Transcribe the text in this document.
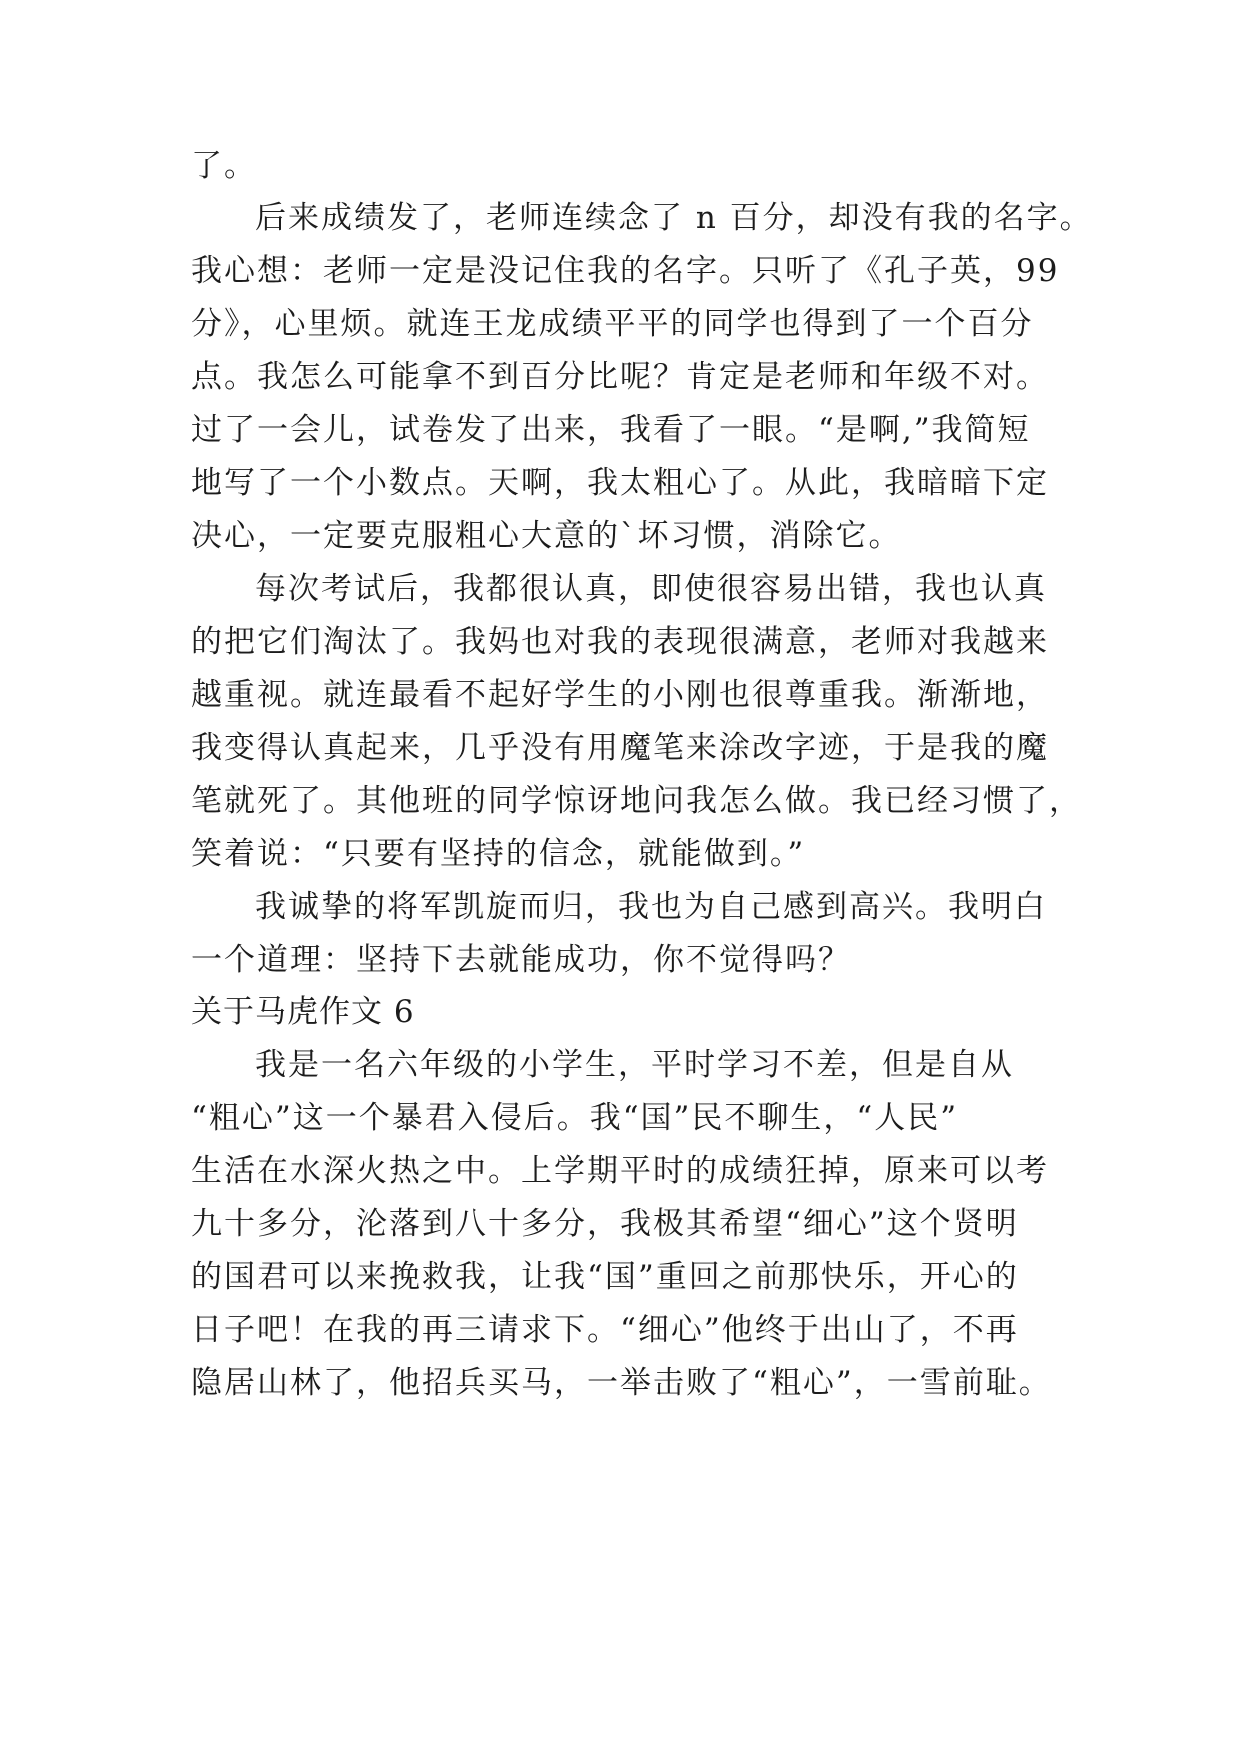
了。

后来成绩发了，老师连续念了 n 百分，却没有我的名字。

我心想：老师一定是没记住我的名字。只听了《孔子英，99

分》，心里烦。就连王龙成绩平平的同学也得到了一个百分

点。我怎么可能拿不到百分比呢？肯定是老师和年级不对。

过了一会儿，试卷发了出来，我看了一眼。“是啊,”我简短

地写了一个小数点。天啊，我太粗心了。从此，我暗暗下定

决心，一定要克服粗心大意的`坏习惯，消除它。

每次考试后，我都很认真，即使很容易出错，我也认真

的把它们淘汰了。我妈也对我的表现很满意，老师对我越来

越重视。就连最看不起好学生的小刚也很尊重我。渐渐地，

我变得认真起来，几乎没有用魔笔来涂改字迹，于是我的魔

笔就死了。其他班的同学惊讶地问我怎么做。我已经习惯了，

笑着说：“只要有坚持的信念，就能做到。”

我诚挚的将军凯旋而归，我也为自己感到高兴。我明白

一个道理：坚持下去就能成功，你不觉得吗？

关于马虎作文 6

我是一名六年级的小学生，平时学习不差，但是自从

“粗心”这一个暴君入侵后。我“国”民不聊生，“人民”

生活在水深火热之中。上学期平时的成绩狂掉，原来可以考

九十多分，沦落到八十多分，我极其希望“细心”这个贤明

的国君可以来挽救我，让我“国”重回之前那快乐，开心的

日子吧！在我的再三请求下。“细心”他终于出山了，不再

隐居山林了，他招兵买马，一举击败了“粗心”，一雪前耻。
